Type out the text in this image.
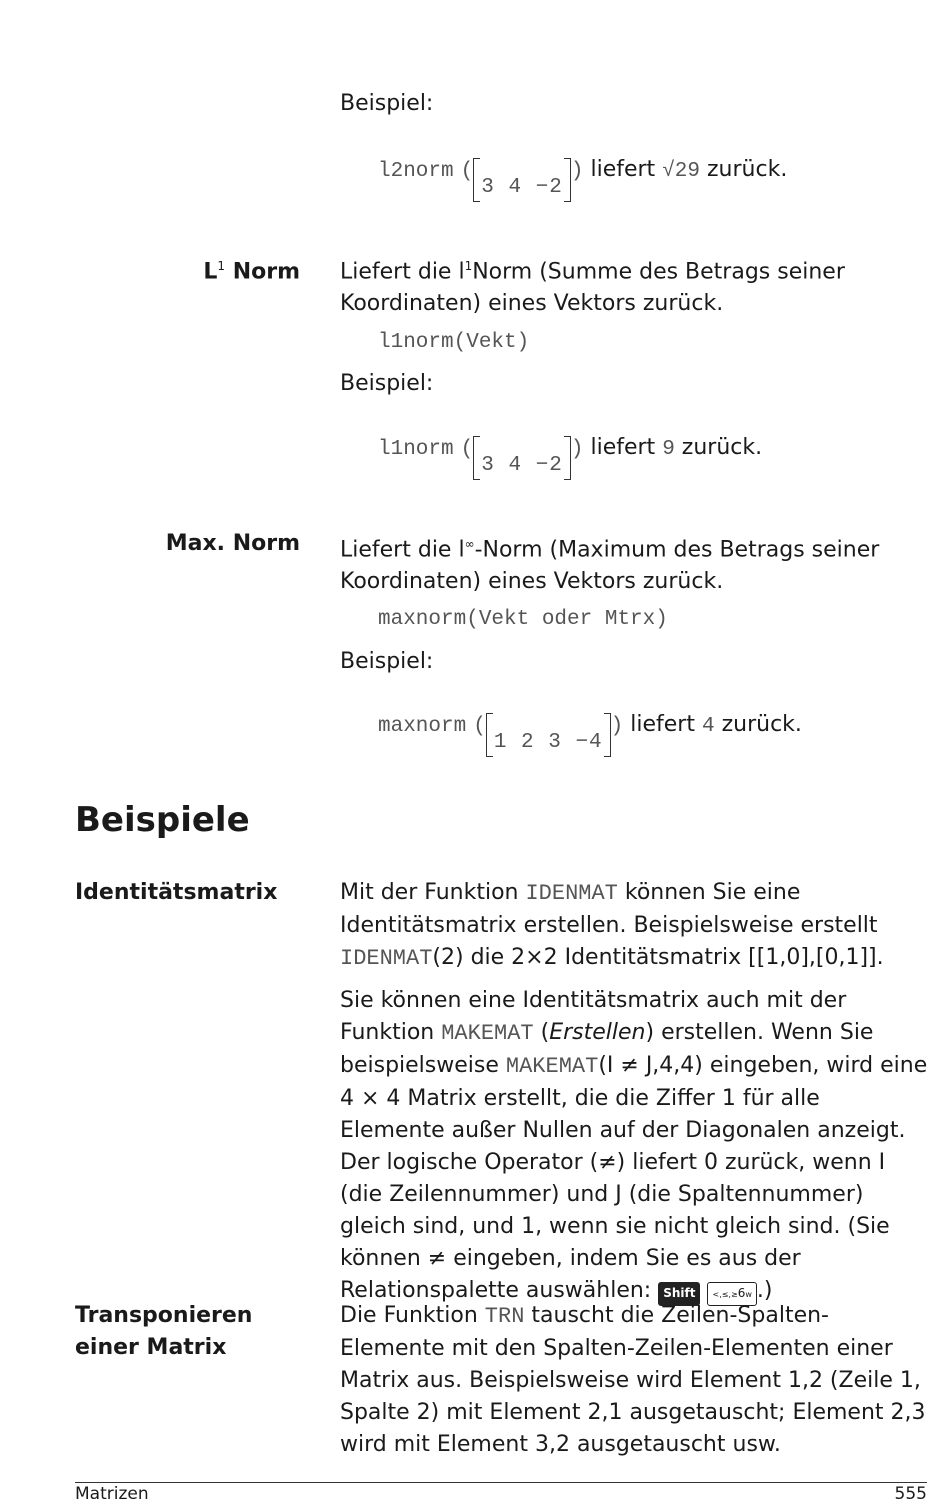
Beispiel:
l2norm (
3 4 −2
) liefert √29 zurück.
$L^1$ Norm Liefert die $l^1Norm$ (Summe des Betrags seiner Koordinaten) eines Vektors zurück.

l1norm(Vekt)
Beispiel:
l1norm (
3 4 −2
) liefert 9 zurück.
Max. Norm Liefert die l∞-Norm (Maximum des Betrags seiner Koordinaten) eines Vektors zurück.

maxnorm(Vekt oder Mtrx)
Beispiel:
maxnorm (
1 2 3 −4
) liefert 4 zurück.
Beispiele
Identitätsmatrix	Mit der Funktion IDENMAT können Sie eine Identitätsmatrix erstellen. Beispielsweise erstellt IDENMAT(2) die 2×2 Identitätsmatrix [[1,0],[0,1]].

Sie können eine Identitätsmatrix auch mit der Funktion MAKEMAT (Erstellen) erstellen. Wenn Sie beispielsweise MAKEMAT(I ≠ J,4,4) eingeben, wird eine 4 × 4 Matrix erstellt, die die Ziffer 1 für alle Elemente außer Nullen auf der Diagonalen anzeigt. Der logische Operator (≠) liefert 0 zurück, wenn I (die Zeilennummer) und J (die Spaltennummer) gleich sind, und 1, wenn sie nicht gleich sind. (Sie können ≠ eingeben, indem Sie es aus der Relationspalette auswählen: Shift <,≤,≥6w .)

Transponieren
einer Matrix

Die Funktion TRN tauscht die Zeilen-Spalten-Elemente mit den Spalten-Zeilen-Elementen einer Matrix aus. Beispielsweise wird Element 1,2 (Zeile 1, Spalte 2) mit Element 2,1 ausgetauscht; Element 2,3 wird mit Element 3,2 ausgetauscht usw.

Matrizen	555
